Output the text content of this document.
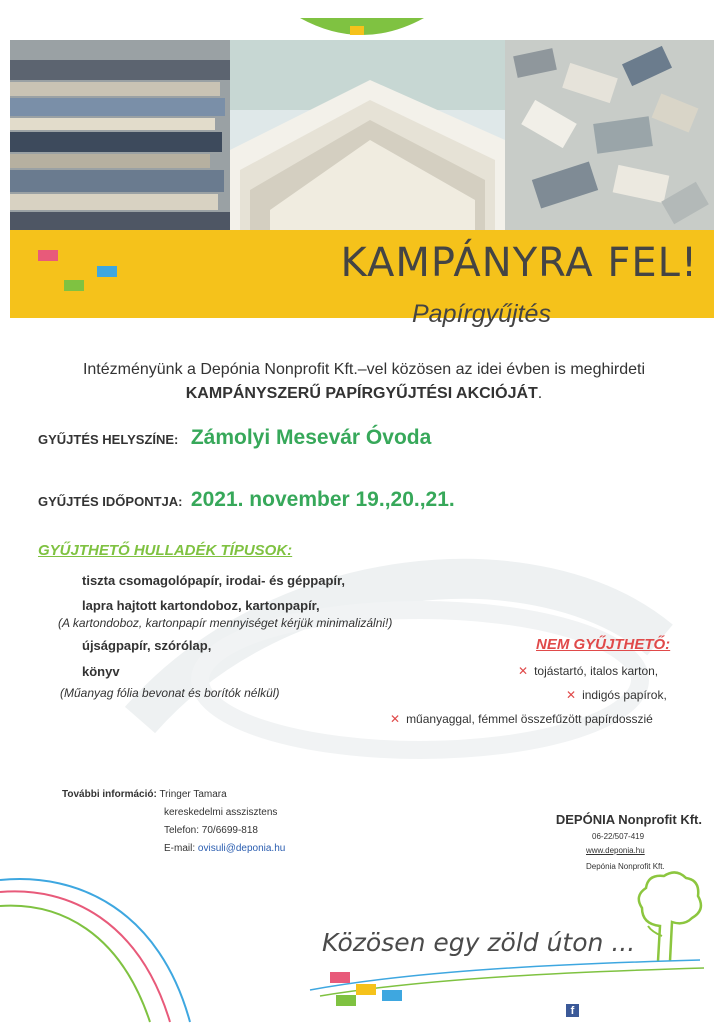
KAMPÁNYRA FEL!
Papírgyűjtés
Intézményünk a Depónia Nonprofit Kft.–vel közösen az idei évben is meghirdeti
KAMPÁNYSZERŰ PAPÍRGYŰJTÉSI AKCIÓJÁT.
GYŰJTÉS HELYSZÍNE: Zámolyi Mesevár Óvoda
GYŰJTÉS IDŐPONTJA: 2021. november 19.,20.,21.
GYŰJTHETŐ HULLADÉK TÍPUSOK:
tiszta csomagolópapír, irodai- és géppapír,
lapra hajtott kartondoboz, kartonpapír,
(A kartondoboz, kartonpapír mennyiséget kérjük minimalizálni!)
újságpapír, szórólap,
könyv
(Műanyag fólia bevonat és borítók nélkül)
NEM GYŰJTHETŐ:
✕ tojástartó, italos karton,
✕ indigós papírok,
✕ műanyaggal, fémmel összefűzött papírdosszié
További információ: Tringer Tamara
kereskedelmi asszisztens
Telefon: 70/6699-818
E-mail: ovisuli@deponia.hu
DEPÓNIA Nonprofit Kft.
06-22/507-419
www.deponia.hu
Depónia Nonprofit Kft.
Közösen egy zöld úton ...
f
